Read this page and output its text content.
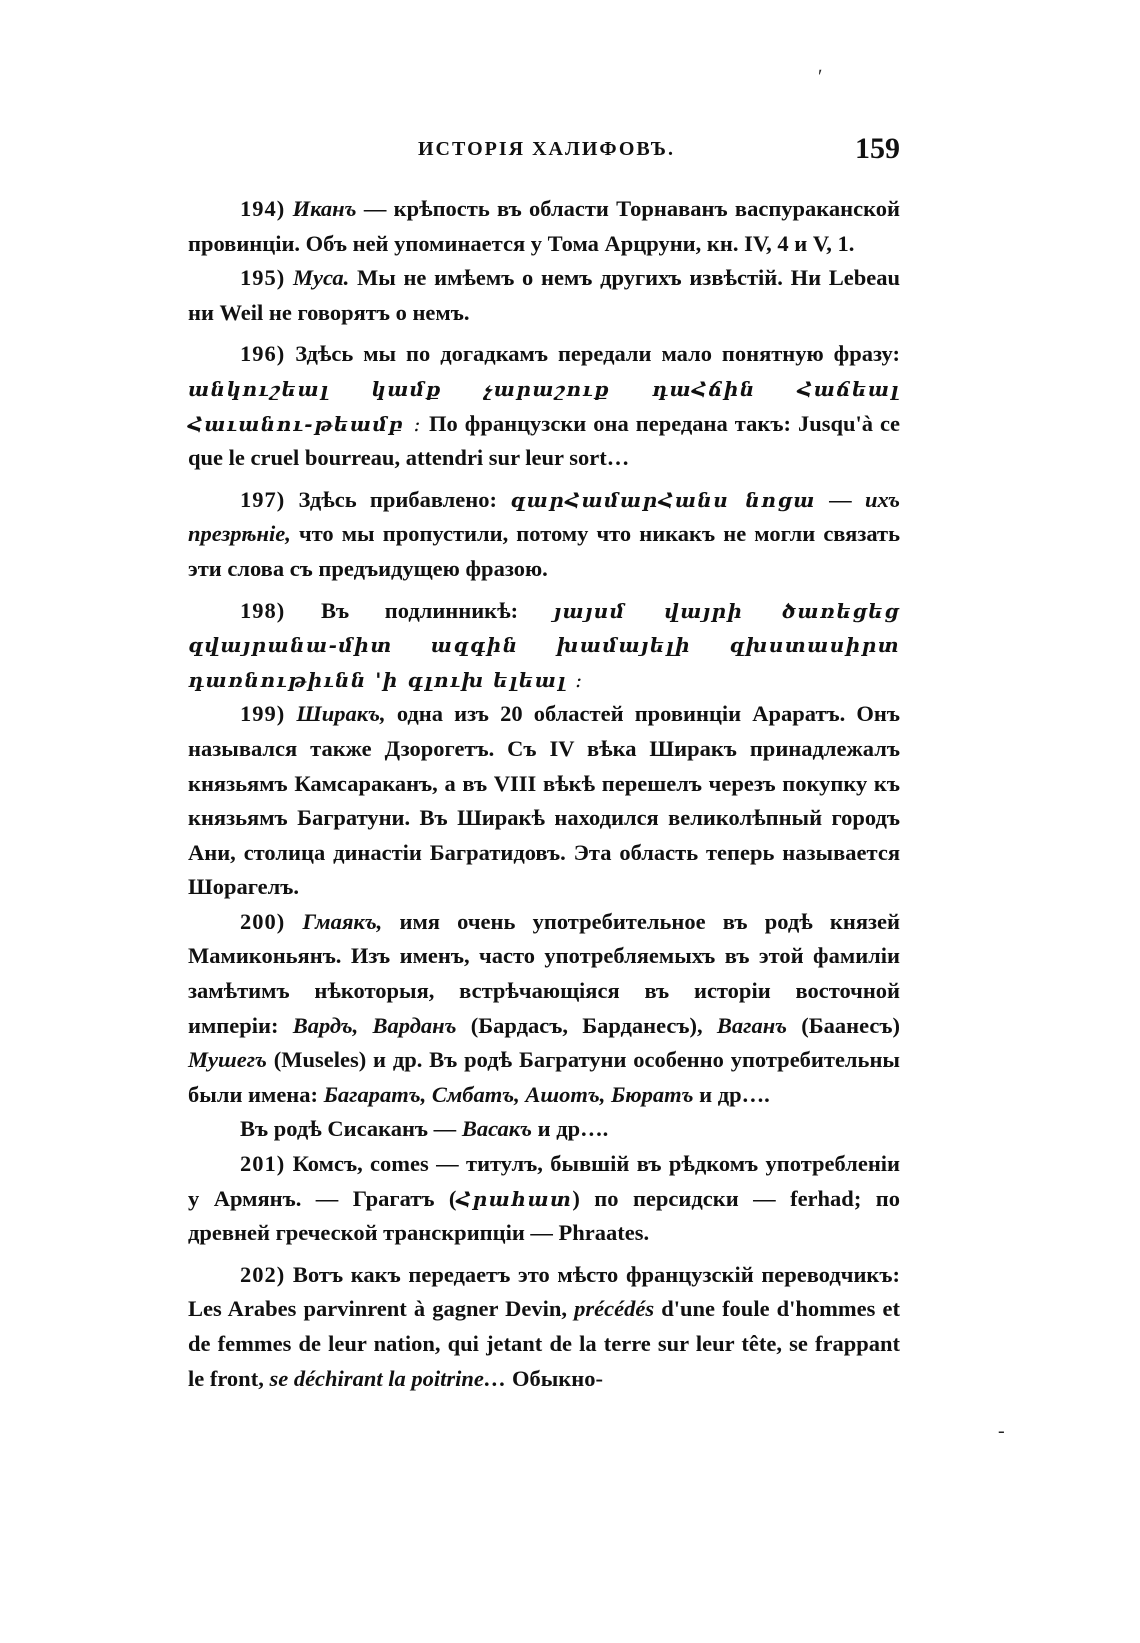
ʹ
‑
ИСТОРІЯ ХАЛИФОВЪ.	159

194) Иканъ — крѣпость въ области Торнаванъ васпураканской провинціи. Объ ней упоминается у Тома Арцруни, кн. IV, 4 и V, 1.

195) Муса. Мы не имѣемъ о немъ другихъ извѣстій. Ни Lebeau ни Weil не говорятъ о немъ.

196) Здѣсь мы по догадкамъ передали мало понятную фразу: անկուշեալ կամք չարաշուք դաՀճին Հաճեալ Հաւանու-թեամբ ։ По французски она передана такъ: Jusqu'à ce que le cruel bourreau, attendri sur leur sort…

197) Здѣсь прибавлено: զարՀամարՀանս նոցա — ихъ презрѣніе, что мы пропустили, потому что никакъ не могли связать эти слова съ предъидущею фразою.

198) Въ подлинникѣ: յայսմ վայրի ծառեցեց զվայրանա-միտ ազգին խամայելի զխստասիրտ դառնութիւնն 'ի գլուխ ելեալ ։

199) Ширакъ, одна изъ 20 областей провинціи Араратъ. Онъ назывался также Дзорогетъ. Съ IV вѣка Ширакъ принадлежалъ князьямъ Камсараканъ, а въ VIII вѣкѣ перешелъ черезъ покупку къ князьямъ Багратуни. Въ Ширакѣ находился великолѣпный городъ Ани, столица династіи Багратидовъ. Эта область теперь называется Шорагелъ.

200) Гмаякъ, имя очень употребительное въ родѣ князей Мамиконьянъ. Изъ именъ, часто употребляемыхъ въ этой фамиліи замѣтимъ нѣкоторыя, встрѣчающіяся въ исторіи восточной имперіи: Вардъ, Варданъ (Бардасъ, Барданесъ), Ваганъ (Баанесъ) Мушегъ (Museles) и др. Въ родѣ Багратуни особенно употребительны были имена: Багаратъ, Смбатъ, Ашотъ, Бюратъ и др….

Въ родѣ Сисаканъ — Васакъ и др….

201) Комсъ, comes — титулъ, бывшій въ рѣдкомъ употребленіи у Армянъ. — Грагатъ (Հրահատ) по персидски — ferhad; по древней греческой транскрипціи — Phraates.

202) Вотъ какъ передаетъ это мѣсто французскій переводчикъ: Les Arabes parvinrent à gagner Devin, précédés d'une foule d'hommes et de femmes de leur nation, qui jetant de la terre sur leur tête, se frappant le front, se déchirant la poitrine… Обыкно-
